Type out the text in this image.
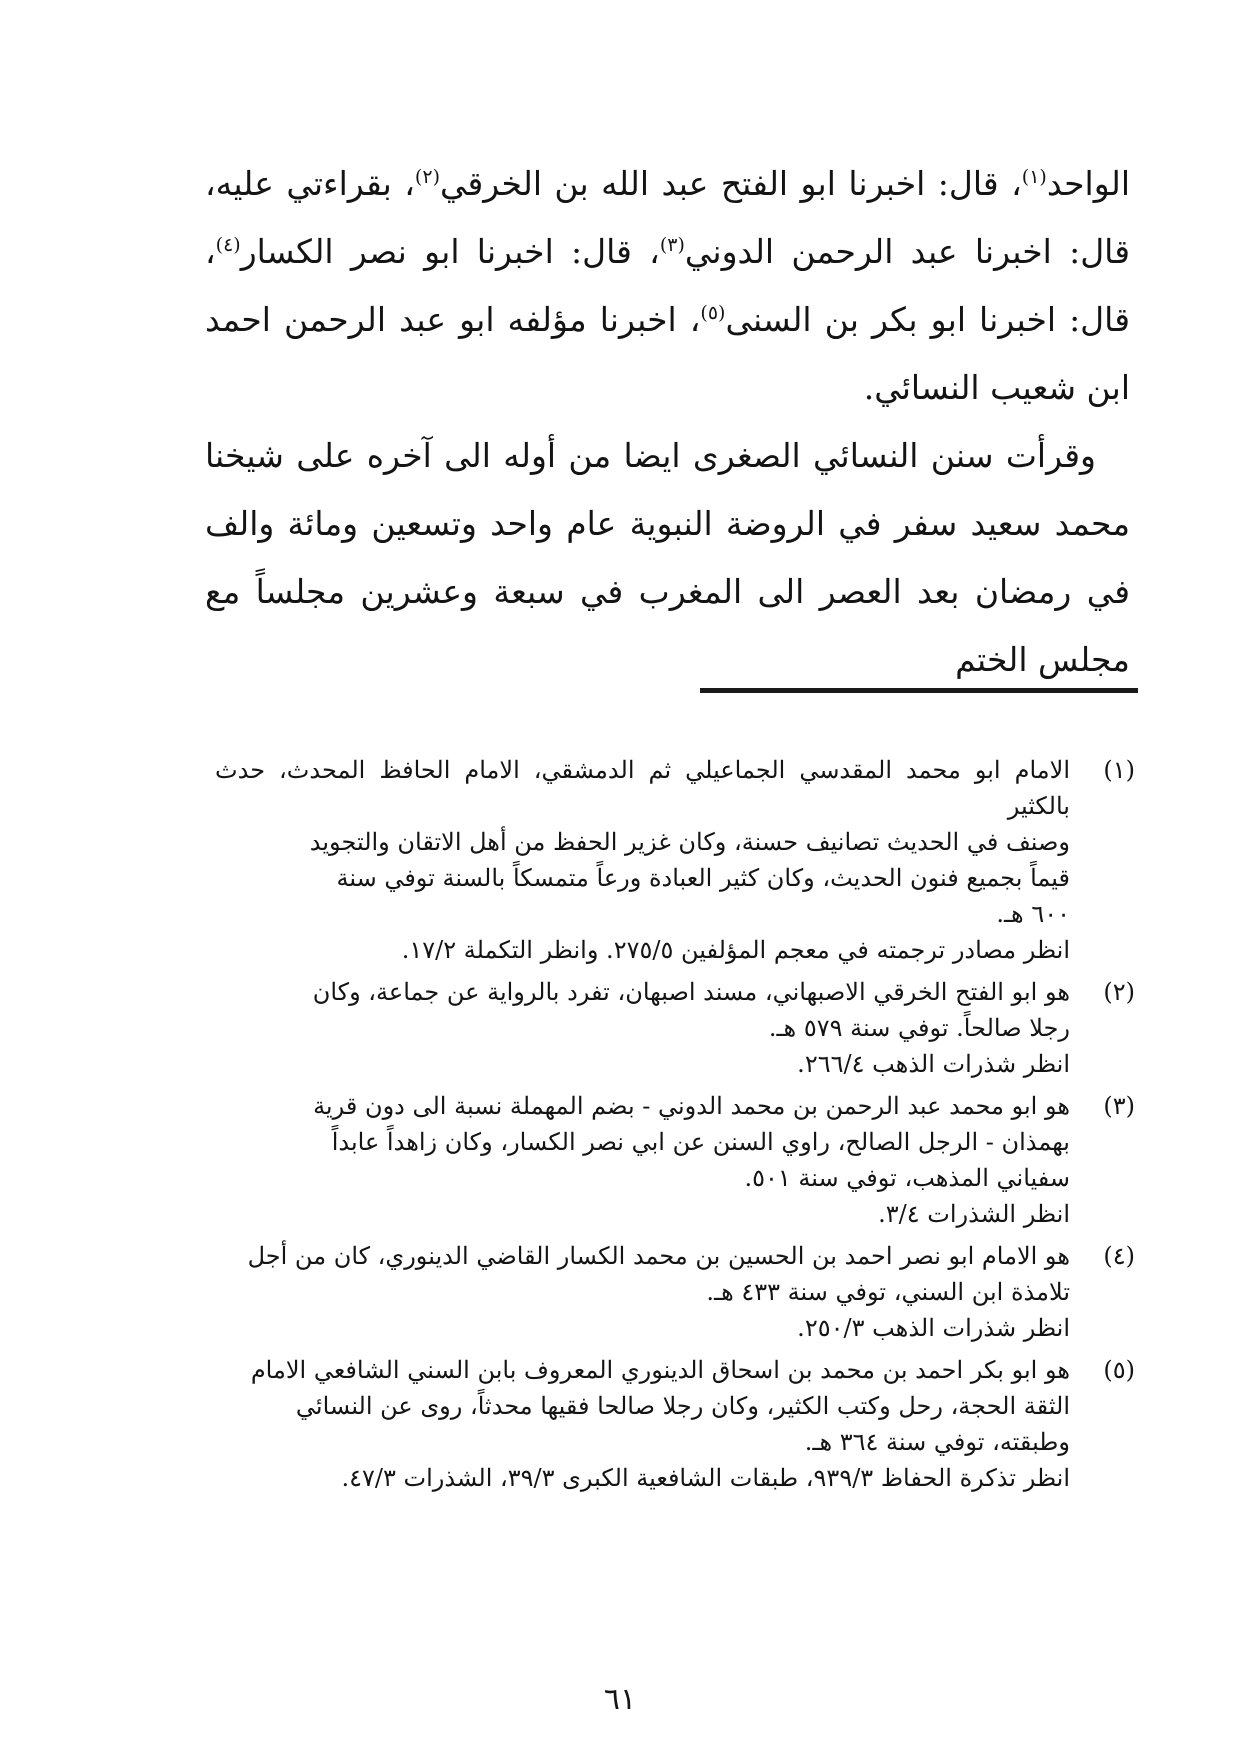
الواحد$^{(١)}$، قال: اخبرنا ابو الفتح عبد الله بن الخرقي$^{(٢)}$، بقراءتي عليه، قال: اخبرنا عبد الرحمن الدوني$^{(٣)}$، قال: اخبرنا ابو نصر الكسار$^{(٤)}$، قال: اخبرنا ابو بكر بن السنى$^{(٥)}$، اخبرنا مؤلفه ابو عبد الرحمن احمد ابن شعيب النسائي.

وقرأت سنن النسائي الصغرى ايضا من أوله الى آخره على شيخنا محمد سعيد سفر في الروضة النبوية عام واحد وتسعين ومائة والف في رمضان بعد العصر الى المغرب في سبعة وعشرين مجلساً مع مجلس الختم

(١)
الامام ابو محمد المقدسي الجماعيلي ثم الدمشقي، الامام الحافظ المحدث، حدث بالكثير
وصنف في الحديث تصانيف حسنة، وكان غزير الحفظ من أهل الاتقان والتجويد
قيماً بجميع فنون الحديث، وكان كثير العبادة ورعاً متمسكاً بالسنة توفي سنة
٦٠٠ هـ.
انظر مصادر ترجمته في معجم المؤلفين ٢٧٥/٥. وانظر التكملة ١٧/٢.
(٢)
هو ابو الفتح الخرقي الاصبهاني، مسند اصبهان، تفرد بالرواية عن جماعة، وكان
رجلا صالحاً. توفي سنة ٥٧٩ هـ.
انظر شذرات الذهب ٢٦٦/٤.
(٣)
هو ابو محمد عبد الرحمن بن محمد الدوني - بضم المهملة نسبة الى دون قرية
بهمذان - الرجل الصالح، راوي السنن عن ابي نصر الكسار، وكان زاهداً عابداً
سفياني المذهب، توفي سنة ٥٠١.
انظر الشذرات ٣/٤.
(٤)
هو الامام ابو نصر احمد بن الحسين بن محمد الكسار القاضي الدينوري، كان من أجل
تلامذة ابن السني، توفي سنة ٤٣٣ هـ.
انظر شذرات الذهب ٢٥٠/٣.
(٥)
هو ابو بكر احمد بن محمد بن اسحاق الدينوري المعروف بابن السني الشافعي الامام
الثقة الحجة، رحل وكتب الكثير، وكان رجلا صالحا فقيها محدثاً، روى عن النسائي
وطبقته، توفي سنة ٣٦٤ هـ.
انظر تذكرة الحفاظ ٩٣٩/٣، طبقات الشافعية الكبرى ٣٩/٣، الشذرات ٤٧/٣.
٦١
